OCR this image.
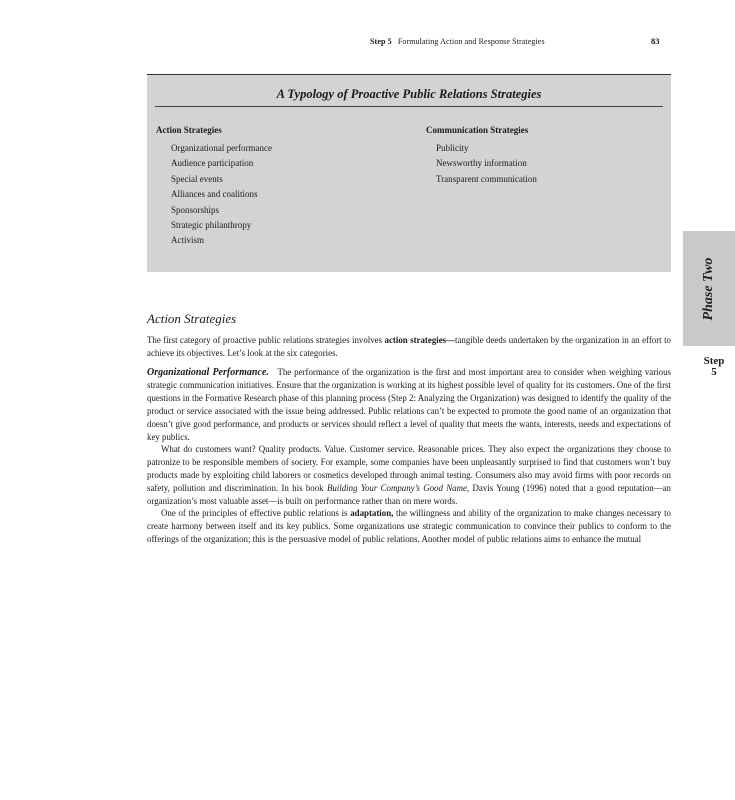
Step 5 Formulating Action and Response Strategies	83
A Typology of Proactive Public Relations Strategies
Action Strategies
Organizational performance
Audience participation
Special events
Alliances and coalitions
Sponsorships
Strategic philanthropy
Activism
Communication Strategies
Publicity
Newsworthy information
Transparent communication
Phase Two
Step
5
Action Strategies

The first category of proactive public relations strategies involves action strategies—tangible deeds undertaken by the organization in an effort to achieve its objectives. Let’s look at the six categories.

Organizational Performance. The performance of the organization is the first and most important area to consider when weighing various strategic communication initiatives. Ensure that the organization is working at its highest possible level of quality for its customers. One of the first questions in the Formative Research phase of this planning process (Step 2: Analyzing the Organization) was designed to identify the quality of the product or service associated with the issue being addressed. Public relations can’t be expected to promote the good name of an organization that doesn’t give good performance, and products or services should reflect a level of quality that meets the wants, interests, needs and expectations of key publics.

What do customers want? Quality products. Value. Customer service. Reasonable prices. They also expect the organizations they choose to patronize to be responsible members of society. For example, some companies have been unpleasantly surprised to find that customers won’t buy products made by exploiting child laborers or cosmetics developed through animal testing. Consumers also may avoid firms with poor records on safety, pollution and discrimination. In his book Building Your Company’s Good Name, Davis Young (1996) noted that a good reputation—an organization’s most valuable asset—is built on performance rather than on mere words.

One of the principles of effective public relations is adaptation, the willingness and ability of the organization to make changes necessary to create harmony between itself and its key publics. Some organizations use strategic communication to convince their publics to conform to the offerings of the organization; this is the persuasive model of public relations. Another model of public relations aims to enhance the mutual
